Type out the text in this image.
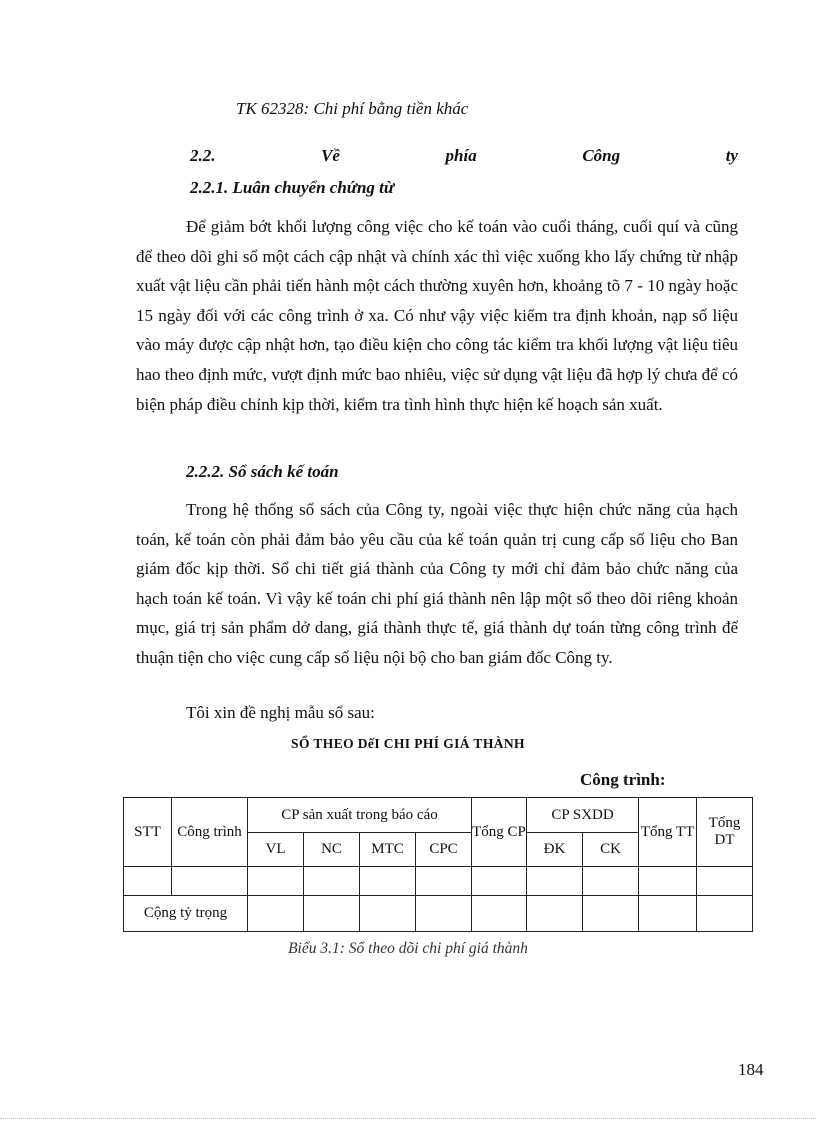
TK 62328: Chi phí bằng tiền khác
2.2.	Về	phía	Công	ty
2.2.1. Luân chuyển chứng từ

Để giảm bớt khối lượng công việc cho kế toán vào cuối tháng, cuối quí và cũng để theo dõi ghi sổ một cách cập nhật và chính xác thì việc xuống kho lấy chứng từ nhập xuất vật liệu cần phải tiến hành một cách thường xuyên hơn, khoảng tõ 7 - 10 ngày hoặc 15 ngày đối với các công trình ở xa. Có như vậy việc kiểm tra định khoản, nạp số liệu vào máy được cập nhật hơn, tạo điều kiện cho công tác kiểm tra khối lượng vật liệu tiêu hao theo định mức, vượt định mức bao nhiêu, việc sử dụng vật liệu đã hợp lý chưa để có biện pháp điều chỉnh kịp thời, kiểm tra tình hình thực hiện kế hoạch sản xuất.

2.2.2. Sổ sách kế toán

Trong hệ thống sổ sách của Công ty, ngoài việc thực hiện chức năng của hạch toán, kế toán còn phải đảm bảo yêu cầu của kế toán quản trị cung cấp số liệu cho Ban giám đốc kịp thời. Sổ chi tiết giá thành của Công ty mới chỉ đảm bảo chức năng của hạch toán kế toán. Vì vậy kế toán chi phí giá thành nên lập một sổ theo dõi riêng khoản mục, giá trị sản phẩm dở dang, giá thành thực tế, giá thành dự toán từng công trình để thuận tiện cho việc cung cấp số liệu nội bộ cho ban giám đốc Công ty.

Tôi xin đề nghị mẫu sổ sau:
SỔ THEO DếI CHI PHÍ GIÁ THÀNH
Công trình:
STT	Công trình	CP sản xuất trong báo cáo				Tổng CP	CP SXDD		Tổng TT	Tổng DT
		VL	NC	MTC	CPC		ĐK	CK		

Cộng tỷ trọng										
Biểu 3.1: Sổ theo dõi chi phí giá thành
184
